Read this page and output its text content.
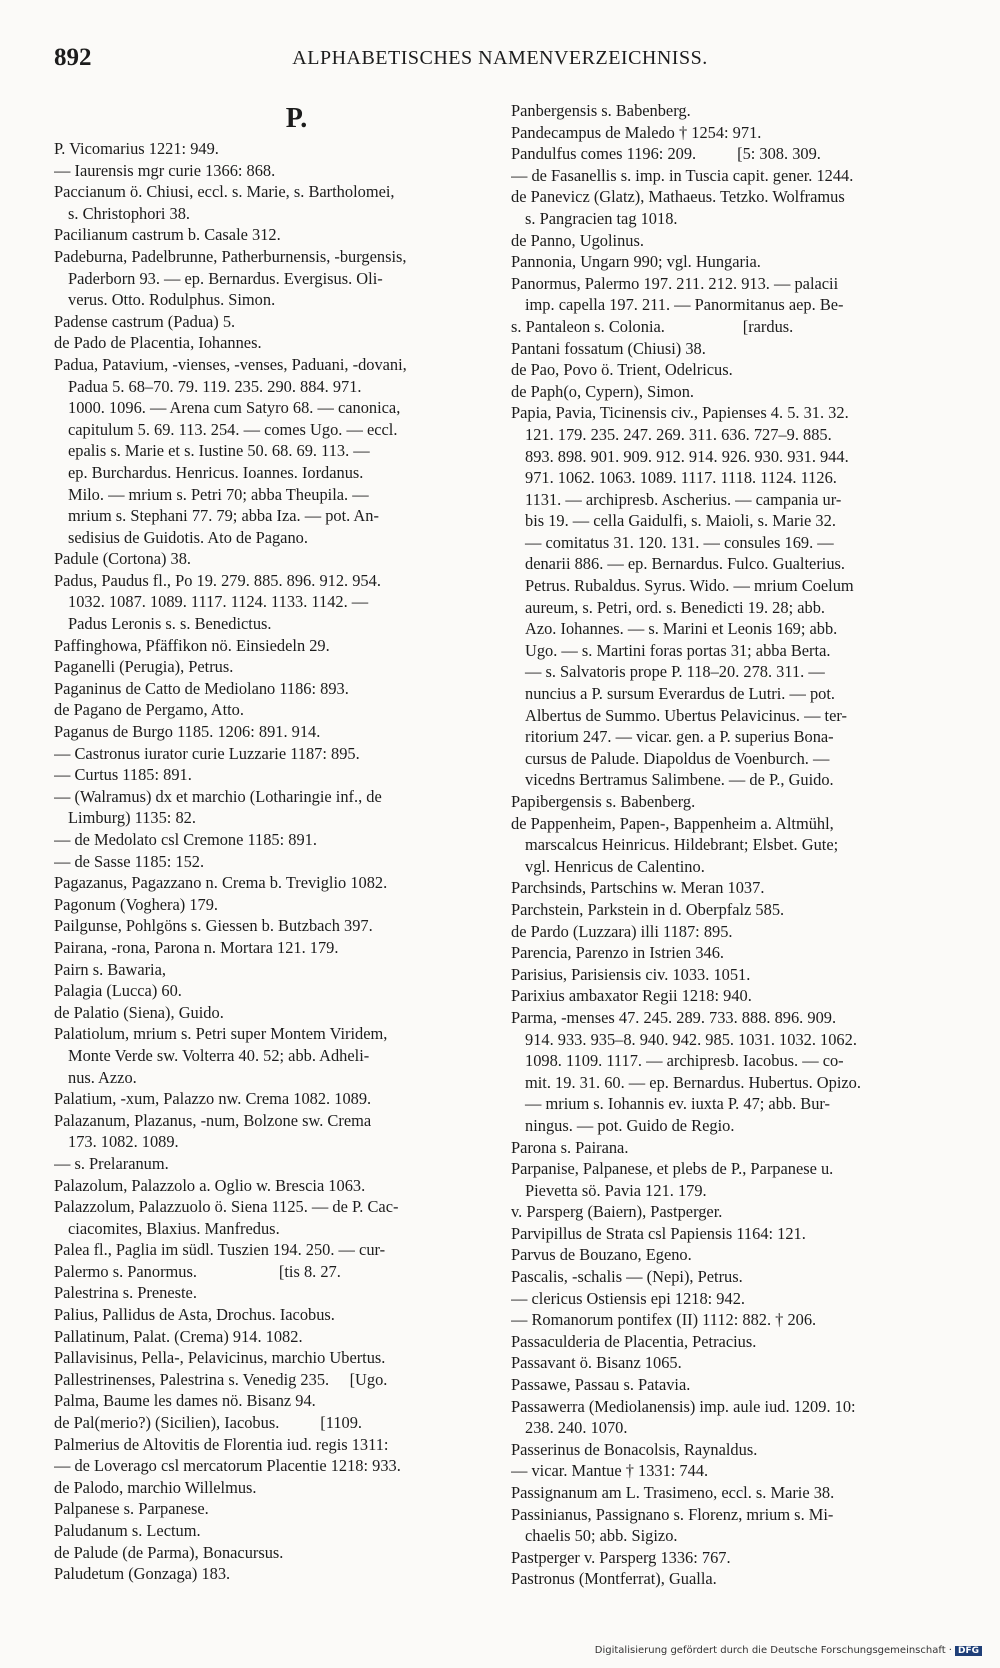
892	ALPHABETISCHES NAMENVERZEICHNISS.
P.
P. Vicomarius 1221: 949.
— Iaurensis mgr curie 1366: 868.
Paccianum ö. Chiusi, eccl. s. Marie, s. Bartholomei,
s. Christophori 38.
Pacilianum castrum b. Casale 312.
Padeburna, Padelbrunne, Patherburnensis, -burgensis,
Paderborn 93. — ep. Bernardus. Evergisus. Oli-
verus. Otto. Rodulphus. Simon.
Padense castrum (Padua) 5.
de Pado de Placentia, Iohannes.
Padua, Patavium, -vienses, -venses, Paduani, -dovani,
Padua 5. 68–70. 79. 119. 235. 290. 884. 971.
1000. 1096. — Arena cum Satyro 68. — canonica,
capitulum 5. 69. 113. 254. — comes Ugo. — eccl.
epalis s. Marie et s. Iustine 50. 68. 69. 113. —
ep. Burchardus. Henricus. Ioannes. Iordanus.
Milo. — mrium s. Petri 70; abba Theupila. —
mrium s. Stephani 77. 79; abba Iza. — pot. An-
sedisius de Guidotis. Ato de Pagano.
Padule (Cortona) 38.
Padus, Paudus fl., Po 19. 279. 885. 896. 912. 954.
1032. 1087. 1089. 1117. 1124. 1133. 1142. —
Padus Leronis s. s. Benedictus.
Paffinghowa, Pfäffikon nö. Einsiedeln 29.
Paganelli (Perugia), Petrus.
Paganinus de Catto de Mediolano 1186: 893.
de Pagano de Pergamo, Atto.
Paganus de Burgo 1185. 1206: 891. 914.
— Castronus iurator curie Luzzarie 1187: 895.
— Curtus 1185: 891.
— (Walramus) dx et marchio (Lotharingie inf., de
Limburg) 1135: 82.
— de Medolato csl Cremone 1185: 891.
— de Sasse 1185: 152.
Pagazanus, Pagazzano n. Crema b. Treviglio 1082.
Pagonum (Voghera) 179.
Pailgunse, Pohlgöns s. Giessen b. Butzbach 397.
Pairana, -rona, Parona n. Mortara 121. 179.
Pairn s. Bawaria,
Palagia (Lucca) 60.
de Palatio (Siena), Guido.
Palatiolum, mrium s. Petri super Montem Viridem,
Monte Verde sw. Volterra 40. 52; abb. Adheli-
nus. Azzo.
Palatium, -xum, Palazzo nw. Crema 1082. 1089.
Palazanum, Plazanus, -num, Bolzone sw. Crema
173. 1082. 1089.
— s. Prelaranum.
Palazolum, Palazzolo a. Oglio w. Brescia 1063.
Palazzolum, Palazzuolo ö. Siena 1125. — de P. Cac-
ciacomites, Blaxius. Manfredus.
Palea fl., Paglia im südl. Tuszien 194. 250. — cur-
Palermo s. Panormus.                    [tis 8. 27.
Palestrina s. Preneste.
Palius, Pallidus de Asta, Drochus. Iacobus.
Pallatinum, Palat. (Crema) 914. 1082.
Pallavisinus, Pella-, Pelavicinus, marchio Ubertus.
Pallestrinenses, Palestrina s. Venedig 235.     [Ugo.
Palma, Baume les dames nö. Bisanz 94.
de Pal(merio?) (Sicilien), Iacobus.          [1109.
Palmerius de Altovitis de Florentia iud. regis 1311:
— de Loverago csl mercatorum Placentie 1218: 933.
de Palodo, marchio Willelmus.
Palpanese s. Parpanese.
Paludanum s. Lectum.
de Palude (de Parma), Bonacursus.
Paludetum (Gonzaga) 183.
Panbergensis s. Babenberg.
Pandecampus de Maledo † 1254: 971.
Pandulfus comes 1196: 209.          [5: 308. 309.
— de Fasanellis s. imp. in Tuscia capit. gener. 1244.
de Panevicz (Glatz), Mathaeus. Tetzko. Wolframus
s. Pangracien tag 1018.
de Panno, Ugolinus.
Pannonia, Ungarn 990; vgl. Hungaria.
Panormus, Palermo 197. 211. 212. 913. — palacii
imp. capella 197. 211. — Panormitanus aep. Be-
s. Pantaleon s. Colonia.                   [rardus.
Pantani fossatum (Chiusi) 38.
de Pao, Povo ö. Trient, Odelricus.
de Paph(o, Cypern), Simon.
Papia, Pavia, Ticinensis civ., Papienses 4. 5. 31. 32.
121. 179. 235. 247. 269. 311. 636. 727–9. 885.
893. 898. 901. 909. 912. 914. 926. 930. 931. 944.
971. 1062. 1063. 1089. 1117. 1118. 1124. 1126.
1131. — archipresb. Ascherius. — campania ur-
bis 19. — cella Gaidulfi, s. Maioli, s. Marie 32.
— comitatus 31. 120. 131. — consules 169. —
denarii 886. — ep. Bernardus. Fulco. Gualterius.
Petrus. Rubaldus. Syrus. Wido. — mrium Coelum
aureum, s. Petri, ord. s. Benedicti 19. 28; abb.
Azo. Iohannes. — s. Marini et Leonis 169; abb.
Ugo. — s. Martini foras portas 31; abba Berta.
— s. Salvatoris prope P. 118–20. 278. 311. —
nuncius a P. sursum Everardus de Lutri. — pot.
Albertus de Summo. Ubertus Pelavicinus. — ter-
ritorium 247. — vicar. gen. a P. superius Bona-
cursus de Palude. Diapoldus de Voenburch. —
vicedns Bertramus Salimbene. — de P., Guido.
Papibergensis s. Babenberg.
de Pappenheim, Papen-, Bappenheim a. Altmühl,
marscalcus Heinricus. Hildebrant; Elsbet. Gute;
vgl. Henricus de Calentino.
Parchsinds, Partschins w. Meran 1037.
Parchstein, Parkstein in d. Oberpfalz 585.
de Pardo (Luzzara) illi 1187: 895.
Parencia, Parenzo in Istrien 346.
Parisius, Parisiensis civ. 1033. 1051.
Parixius ambaxator Regii 1218: 940.
Parma, -menses 47. 245. 289. 733. 888. 896. 909.
914. 933. 935–8. 940. 942. 985. 1031. 1032. 1062.
1098. 1109. 1117. — archipresb. Iacobus. — co-
mit. 19. 31. 60. — ep. Bernardus. Hubertus. Opizo.
— mrium s. Iohannis ev. iuxta P. 47; abb. Bur-
ningus. — pot. Guido de Regio.
Parona s. Pairana.
Parpanise, Palpanese, et plebs de P., Parpanese u.
Pievetta sö. Pavia 121. 179.
v. Parsperg (Baiern), Pastperger.
Parvipillus de Strata csl Papiensis 1164: 121.
Parvus de Bouzano, Egeno.
Pascalis, -schalis — (Nepi), Petrus.
— clericus Ostiensis epi 1218: 942.
— Romanorum pontifex (II) 1112: 882. † 206.
Passaculderia de Placentia, Petracius.
Passavant ö. Bisanz 1065.
Passawe, Passau s. Patavia.
Passawerra (Mediolanensis) imp. aule iud. 1209. 10:
238. 240. 1070.
Passerinus de Bonacolsis, Raynaldus.
— vicar. Mantue † 1331: 744.
Passignanum am L. Trasimeno, eccl. s. Marie 38.
Passinianus, Passignano s. Florenz, mrium s. Mi-
chaelis 50; abb. Sigizo.
Pastperger v. Parsperg 1336: 767.
Pastronus (Montferrat), Gualla.
Digitalisierung gefördert durch die Deutsche Forschungsgemeinschaft · DFG
